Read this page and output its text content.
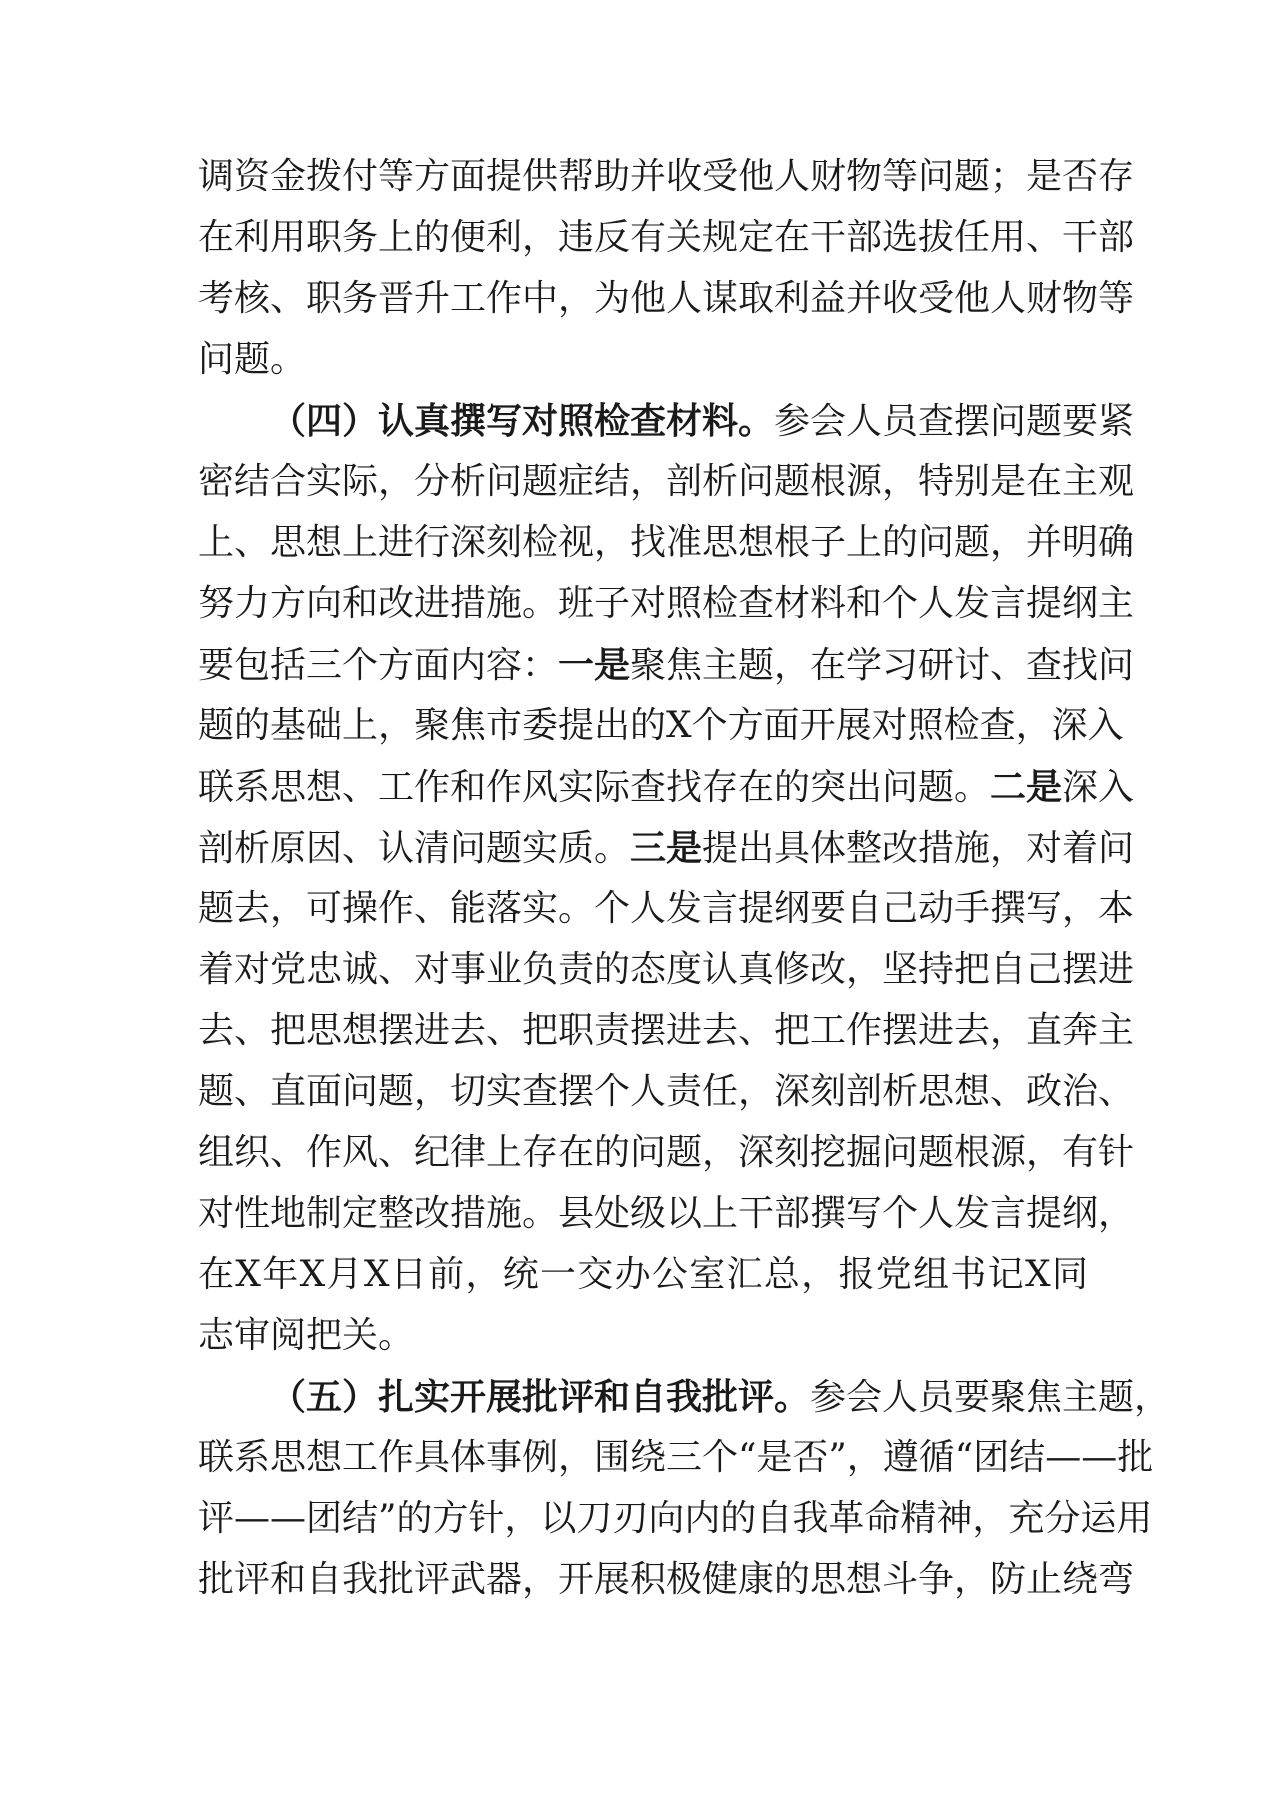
调资金拨付等方面提供帮助并收受他人财物等问题；是否存
在利用职务上的便利，违反有关规定在干部选拔任用、干部
考核、职务晋升工作中，为他人谋取利益并收受他人财物等
问题。
（四）认真撰写对照检查材料。参会人员查摆问题要紧
密结合实际，分析问题症结，剖析问题根源，特别是在主观
上、思想上进行深刻检视，找准思想根子上的问题，并明确
努力方向和改进措施。班子对照检查材料和个人发言提纲主
要包括三个方面内容：一是聚焦主题，在学习研讨、查找问
题的基础上，聚焦市委提出的X个方面开展对照检查，深入
联系思想、工作和作风实际查找存在的突出问题。二是深入
剖析原因、认清问题实质。三是提出具体整改措施，对着问
题去，可操作、能落实。个人发言提纲要自己动手撰写，本
着对党忠诚、对事业负责的态度认真修改，坚持把自己摆进
去、把思想摆进去、把职责摆进去、把工作摆进去，直奔主
题、直面问题，切实查摆个人责任，深刻剖析思想、政治、
组织、作风、纪律上存在的问题，深刻挖掘问题根源，有针
对性地制定整改措施。县处级以上干部撰写个人发言提纲，
在X年X月X日前，统一交办公室汇总，报党组书记X同
志审阅把关。
（五）扎实开展批评和自我批评。参会人员要聚焦主题，
联系思想工作具体事例，围绕三个“是否”，遵循“团结——批
评——团结”的方针，以刀刃向内的自我革命精神，充分运用
批评和自我批评武器，开展积极健康的思想斗争，防止绕弯
